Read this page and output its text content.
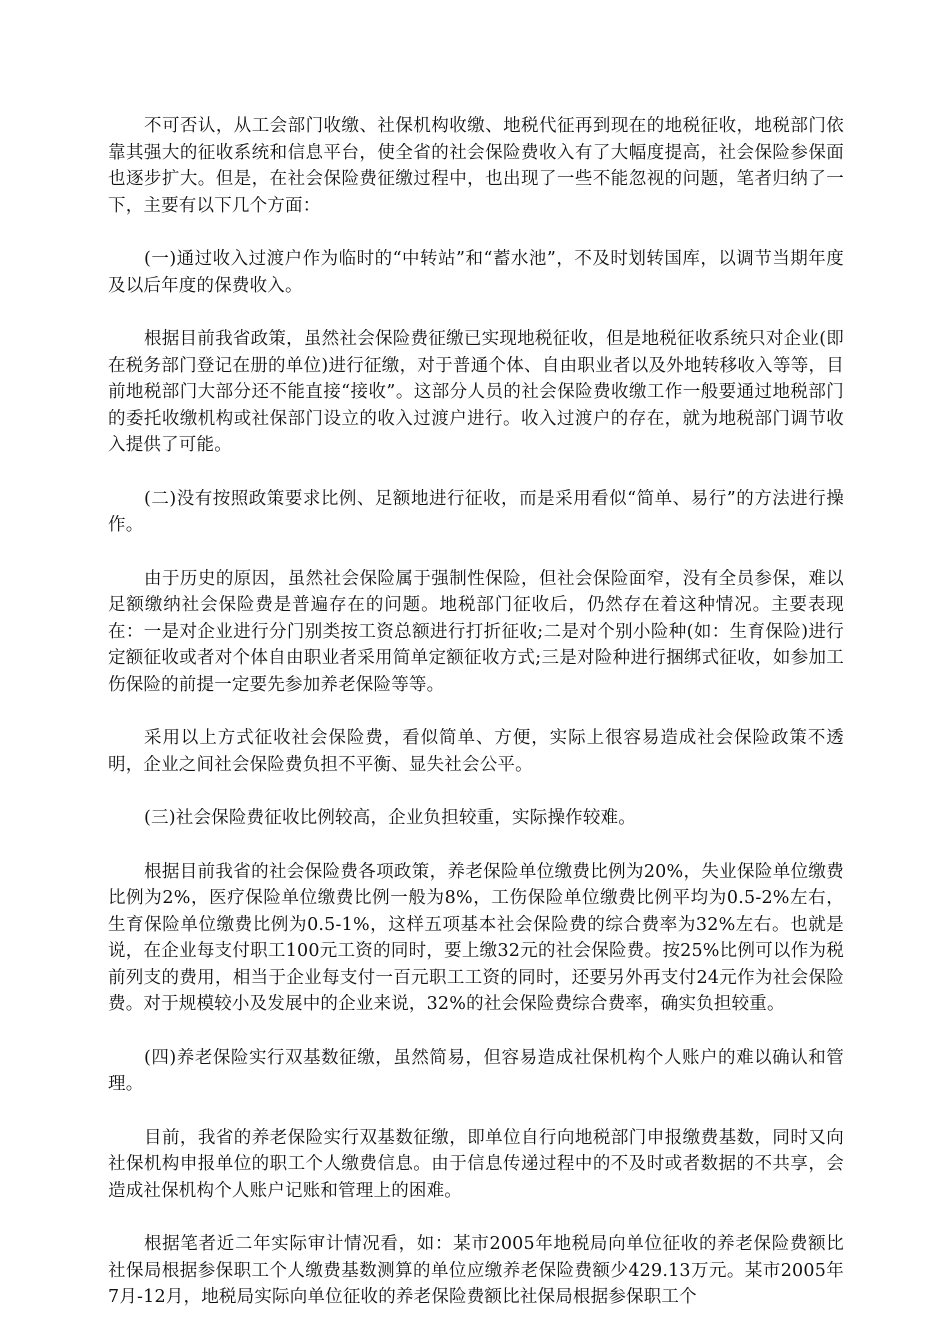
不可否认，从工会部门收缴、社保机构收缴、地税代征再到现在的地税征收，地税部门依靠其强大的征收系统和信息平台，使全省的社会保险费收入有了大幅度提高，社会保险参保面也逐步扩大。但是，在社会保险费征缴过程中，也出现了一些不能忽视的问题，笔者归纳了一下，主要有以下几个方面：

(一)通过收入过渡户作为临时的“中转站”和“蓄水池”，不及时划转国库，以调节当期年度及以后年度的保费收入。

根据目前我省政策，虽然社会保险费征缴已实现地税征收，但是地税征收系统只对企业(即在税务部门登记在册的单位)进行征缴，对于普通个体、自由职业者以及外地转移收入等等，目前地税部门大部分还不能直接“接收”。这部分人员的社会保险费收缴工作一般要通过地税部门的委托收缴机构或社保部门设立的收入过渡户进行。收入过渡户的存在，就为地税部门调节收入提供了可能。

(二)没有按照政策要求比例、足额地进行征收，而是采用看似“简单、易行”的方法进行操作。

由于历史的原因，虽然社会保险属于强制性保险，但社会保险面窄，没有全员参保，难以足额缴纳社会保险费是普遍存在的问题。地税部门征收后，仍然存在着这种情况。主要表现在：一是对企业进行分门别类按工资总额进行打折征收;二是对个别小险种(如：生育保险)进行定额征收或者对个体自由职业者采用简单定额征收方式;三是对险种进行捆绑式征收，如参加工伤保险的前提一定要先参加养老保险等等。

采用以上方式征收社会保险费，看似简单、方便，实际上很容易造成社会保险政策不透明，企业之间社会保险费负担不平衡、显失社会公平。

(三)社会保险费征收比例较高，企业负担较重，实际操作较难。

根据目前我省的社会保险费各项政策，养老保险单位缴费比例为20%，失业保险单位缴费比例为2%，医疗保险单位缴费比例一般为8%，工伤保险单位缴费比例平均为0.5-2%左右，生育保险单位缴费比例为0.5-1%，这样五项基本社会保险费的综合费率为32%左右。也就是说，在企业每支付职工100元工资的同时，要上缴32元的社会保险费。按25%比例可以作为税前列支的费用，相当于企业每支付一百元职工工资的同时，还要另外再支付24元作为社会保险费。对于规模较小及发展中的企业来说，32%的社会保险费综合费率，确实负担较重。

(四)养老保险实行双基数征缴，虽然简易，但容易造成社保机构个人账户的难以确认和管理。

目前，我省的养老保险实行双基数征缴，即单位自行向地税部门申报缴费基数，同时又向社保机构申报单位的职工个人缴费信息。由于信息传递过程中的不及时或者数据的不共享，会造成社保机构个人账户记账和管理上的困难。

根据笔者近二年实际审计情况看，如：某市2005年地税局向单位征收的养老保险费额比社保局根据参保职工个人缴费基数测算的单位应缴养老保险费额少429.13万元。某市2005年7月-12月，地税局实际向单位征收的养老保险费额比社保局根据参保职工个
